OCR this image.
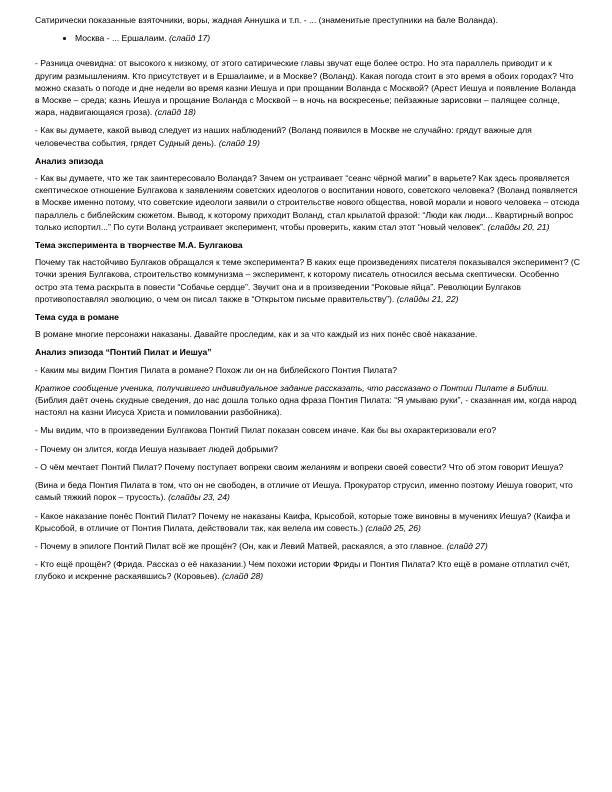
Сатирически показанные взяточники, воры, жадная Аннушка и т.п. - ... (знаменитые преступники на бале Воланда).

• Москва - ... Ершалаим. (слайд 17)

- Разница очевидна: от высокого к низкому, от этого сатирические главы звучат еще более остро. Но эта параллель приводит и к другим размышлениям. Кто присутствует и в Ершалаиме, и в Москве? (Воланд). Какая погода стоит в это время в обоих городах? Что можно сказать о погоде и дне недели во время казни Иешуа и при прощании Воланда с Москвой? (Арест Иешуа и появление Воланда в Москве – среда; казнь Иешуа и прощание Воланда с Москвой – в ночь на воскресенье; пейзажные зарисовки – палящее солнце, жара, надвигающаяся гроза). (слайд 18)

- Как вы думаете, какой вывод следует из наших наблюдений? (Воланд появился в Москве не случайно: грядут важные для человечества события, грядет Судный день). (слайд 19)

Анализ эпизода

- Как вы думаете, что же так заинтересовало Воланда? Зачем он устраивает “сеанс чёрной магии” в варьете? Как здесь проявляется скептическое отношение Булгакова к заявлениям советских идеологов о воспитании нового, советского человека? (Воланд появляется в Москве именно потому, что советские идеологи заявили о строительстве нового общества, новой морали и нового человека – отсюда параллель с библейским сюжетом. Вывод, к которому приходит Воланд, стал крылатой фразой: “Люди как люди... Квартирный вопрос только испортил...” По сути Воланд устраивает эксперимент, чтобы проверить, каким стал этот “новый человек”. (слайды 20, 21)

Тема эксперимента в творчестве М.А. Булгакова

Почему так настойчиво Булгаков обращался к теме эксперимента? В каких еще произведениях писателя показывался эксперимент? (С точки зрения Булгакова, строительство коммунизма – эксперимент, к которому писатель относился весьма скептически. Особенно остро эта тема раскрыта в повести “Собачье сердце”. Звучит она и в произведении “Роковые яйца”. Революции Булгаков противопоставлял эволюцию, о чем он писал также в “Открытом письме правительству”). (слайды 21, 22)

Тема суда в романе

В романе многие персонажи наказаны. Давайте проследим, как и за что каждый из них понёс своё наказание.

Анализ эпизода “Понтий Пилат и Иешуа”

- Каким мы видим Понтия Пилата в романе? Похож ли он на библейского Понтия Пилата?

Краткое сообщение ученика, получившего индивидуальное задание рассказать, что рассказано о Понтии Пилате в Библии. (Библия даёт очень скудные сведения, до нас дошла только одна фраза Понтия Пилата: “Я умываю руки”, - сказанная им, когда народ настоял на казни Иисуса Христа и помиловании разбойника).

- Мы видим, что в произведении Булгакова Понтий Пилат показан совсем иначе. Как бы вы охарактеризовали его?

- Почему он злится, когда Иешуа называет людей добрыми?

- О чём мечтает Понтий Пилат? Почему поступает вопреки своим желаниям и вопреки своей совести? Что об этом говорит Иешуа?

(Вина и беда Понтия Пилата в том, что он не свободен, в отличие от Иешуа. Прокуратор струсил, именно поэтому Иешуа говорит, что самый тяжкий порок – трусость). (слайды 23, 24)

- Какое наказание понёс Понтий Пилат? Почему не наказаны Каифа, Крысобой, которые тоже виновны в мучениях Иешуа? (Каифа и Крысобой, в отличие от Понтия Пилата, действовали так, как велела им совесть.) (слайд 25, 26)

- Почему в эпилоге Понтий Пилат всё же прощён? (Он, как и Левий Матвей, раскаялся, а это главное. (слайд 27)

- Кто ещё прощён? (Фрида. Рассказ о её наказании.) Чем похожи истории Фриды и Понтия Пилата? Кто ещё в романе отплатил счёт, глубоко и искренне раскаявшись? (Коровьев). (слайд 28)
